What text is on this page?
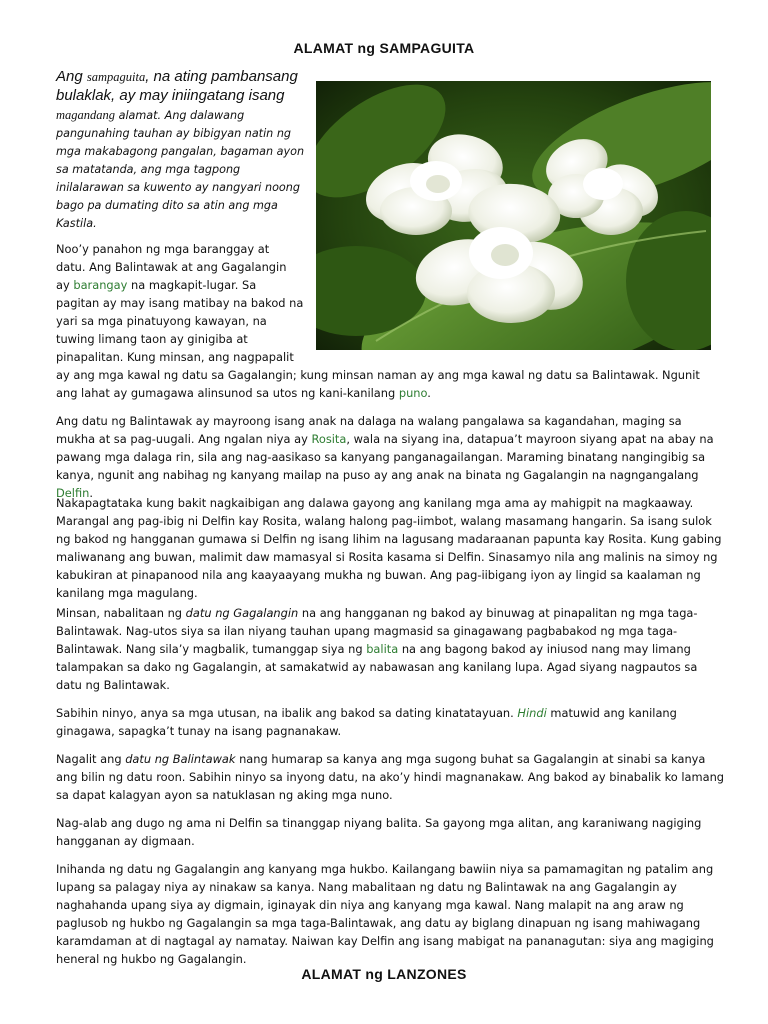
ALAMAT ng SAMPAGUITA

Ang sampaguita, na ating pambansang bulaklak, ay may iniingatang isang magandang alamat. Ang dalawang pangunahing tauhan ay bibigyan natin ng mga makabagong pangalan, bagaman ayon sa matatanda, ang mga tagpong inilalarawan sa kuwento ay nangyari noong bago pa dumating dito sa atin ang mga Kastila.

Noo’y panahon ng mga baranggay at
datu. Ang Balintawak at ang Gagalangin
ay barangay na magkapit-lugar. Sa
pagitan ay may isang matibay na bakod na
yari sa mga pinatuyong kawayan, na
tuwing limang taon ay ginigiba at
pinapalitan. Kung minsan, ang nagpapalit

ay ang mga kawal ng datu sa Gagalangin; kung minsan naman ay ang mga kawal ng datu sa Balintawak. Ngunit ang lahat ay gumagawa alinsunod sa utos ng kani-kanilang puno.

Ang datu ng Balintawak ay mayroong isang anak na dalaga na walang pangalawa sa kagandahan, maging sa mukha at sa pag-uugali. Ang ngalan niya ay Rosita, wala na siyang ina, datapua’t mayroon siyang apat na abay na pawang mga dalaga rin, sila ang nag-aasikaso sa kanyang panganagailangan. Maraming binatang nangingibig sa kanya, ngunit ang nabihag ng kanyang mailap na puso ay ang anak na binata ng Gagalangin na nagngangalang Delfin.

Nakapagtataka kung bakit nagkaibigan ang dalawa gayong ang kanilang mga ama ay mahigpit na magkaaway. Marangal ang pag-ibig ni Delfin kay Rosita, walang halong pag-iimbot, walang masamang hangarin. Sa isang sulok ng bakod ng hangganan gumawa si Delfin ng isang lihim na lagusang madaraanan papunta kay Rosita. Kung gabing maliwanang ang buwan, malimit daw mamasyal si Rosita kasama si Delfin. Sinasamyo nila ang malinis na simoy ng kabukiran at pinapanood nila ang kaayaayang mukha ng buwan. Ang pag-iibigang iyon ay lingid sa kaalaman ng kanilang mga magulang.

Minsan, nabalitaan ng datu ng Gagalangin na ang hangganan ng bakod ay binuwag at pinapalitan ng mga taga-Balintawak. Nag-utos siya sa ilan niyang tauhan upang magmasid sa ginagawang pagbabakod ng mga taga-Balintawak. Nang sila’y magbalik, tumanggap siya ng balita na ang bagong bakod ay iniusod nang may limang talampakan sa dako ng Gagalangin, at samakatwid ay nabawasan ang kanilang lupa. Agad siyang nagpautos sa datu ng Balintawak.

Sabihin ninyo, anya sa mga utusan, na ibalik ang bakod sa dating kinatatayuan. Hindi matuwid ang kanilang ginagawa, sapagka’t tunay na isang pagnanakaw.

Nagalit ang datu ng Balintawak nang humarap sa kanya ang mga sugong buhat sa Gagalangin at sinabi sa kanya ang bilin ng datu roon. Sabihin ninyo sa inyong datu, na ako’y hindi magnanakaw. Ang bakod ay binabalik ko lamang sa dapat kalagyan ayon sa natuklasan ng aking mga nuno.

Nag-alab ang dugo ng ama ni Delfin sa tinanggap niyang balita. Sa gayong mga alitan, ang karaniwang nagiging hangganan ay digmaan.

Inihanda ng datu ng Gagalangin ang kanyang mga hukbo. Kailangang bawiin niya sa pamamagitan ng patalim ang lupang sa palagay niya ay ninakaw sa kanya. Nang mabalitaan ng datu ng Balintawak na ang Gagalangin ay naghahanda upang siya ay digmain, iginayak din niya ang kanyang mga kawal. Nang malapit na ang araw ng paglusob ng hukbo ng Gagalangin sa mga taga-Balintawak, ang datu ay biglang dinapuan ng isang mahiwagang karamdaman at di nagtagal ay namatay. Naiwan kay Delfin ang isang mabigat na pananagutan: siya ang magiging heneral ng hukbo ng Gagalangin.

ALAMAT ng LANZONES
